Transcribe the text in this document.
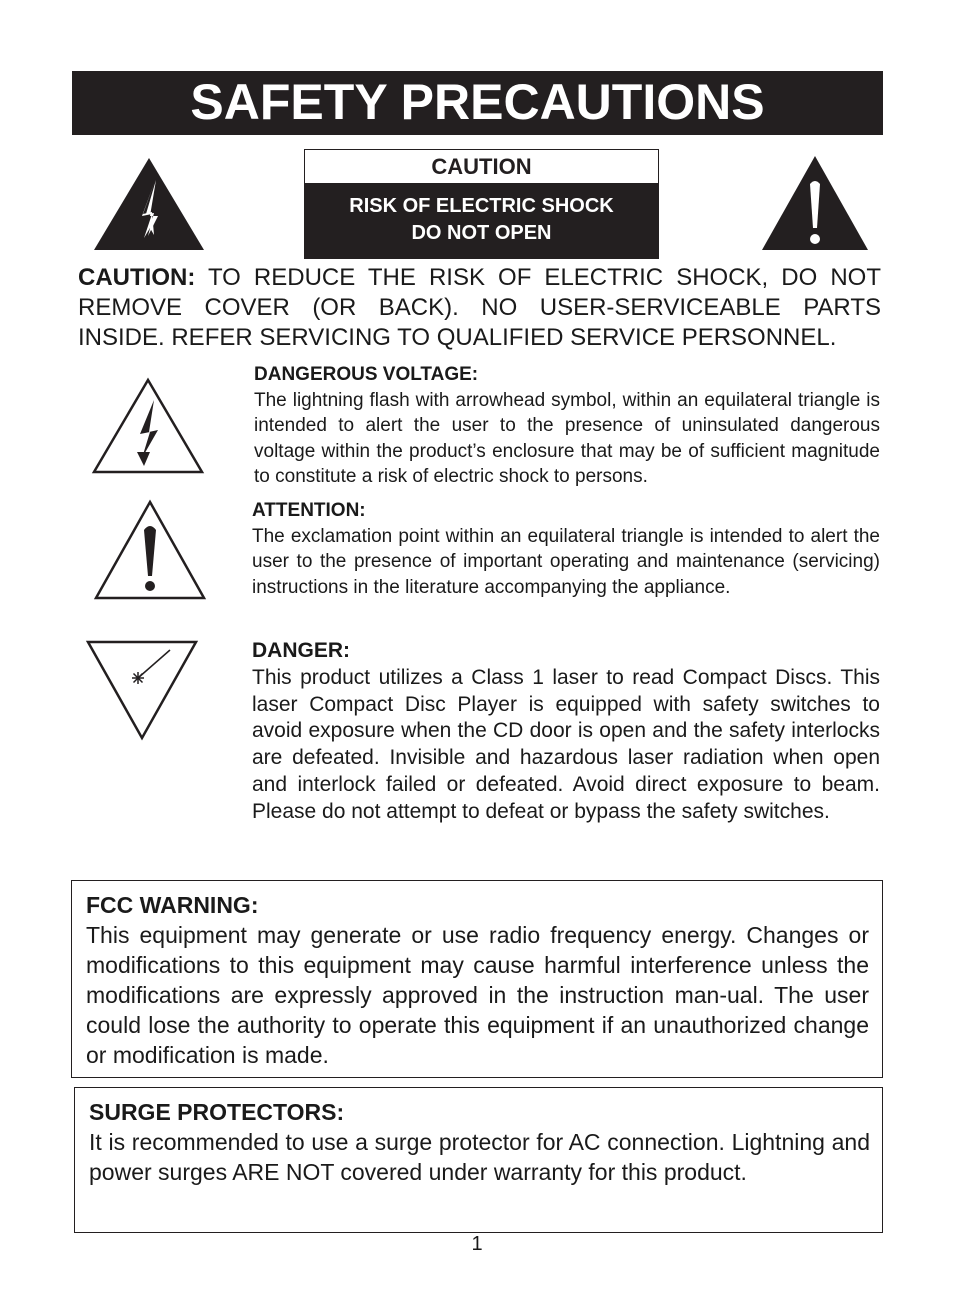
SAFETY PRECAUTIONS
CAUTION
RISK OF ELECTRIC SHOCK
DO NOT OPEN
CAUTION: TO REDUCE THE RISK OF ELECTRIC SHOCK, DO NOT
REMOVE COVER (OR BACK). NO USER-SERVICEABLE PARTS
INSIDE. REFER SERVICING TO QUALIFIED SERVICE PERSONNEL.
DANGEROUS VOLTAGE:
The lightning flash with arrowhead symbol, within an equilateral triangle is intended to alert the user to the presence of uninsulated dangerous voltage within the product’s enclosure that may be of sufficient magnitude to constitute a risk of electric shock to persons.
ATTENTION:
The exclamation point within an equilateral triangle is intended to alert the user to the presence of important operating and maintenance (servicing) instructions in the literature accompanying the appliance.
DANGER:
This product utilizes a Class 1 laser to read Compact Discs. This laser Compact Disc Player is equipped with safety switches to avoid exposure when the CD door is open and the safety interlocks are defeated. Invisible and hazardous laser radiation when open and interlock failed or defeated. Avoid direct exposure to beam. Please do not attempt to defeat or bypass the safety switches.
FCC WARNING:
This equipment may generate or use radio frequency energy. Changes or modifications to this equipment may cause harmful interference unless the modifications are expressly approved in the instruction man-ual. The user could lose the authority to operate this equipment if an unauthorized change or modification is made.
SURGE PROTECTORS:
It is recommended to use a surge protector for AC connection. Lightning and power surges ARE NOT covered under warranty for this product.
1
